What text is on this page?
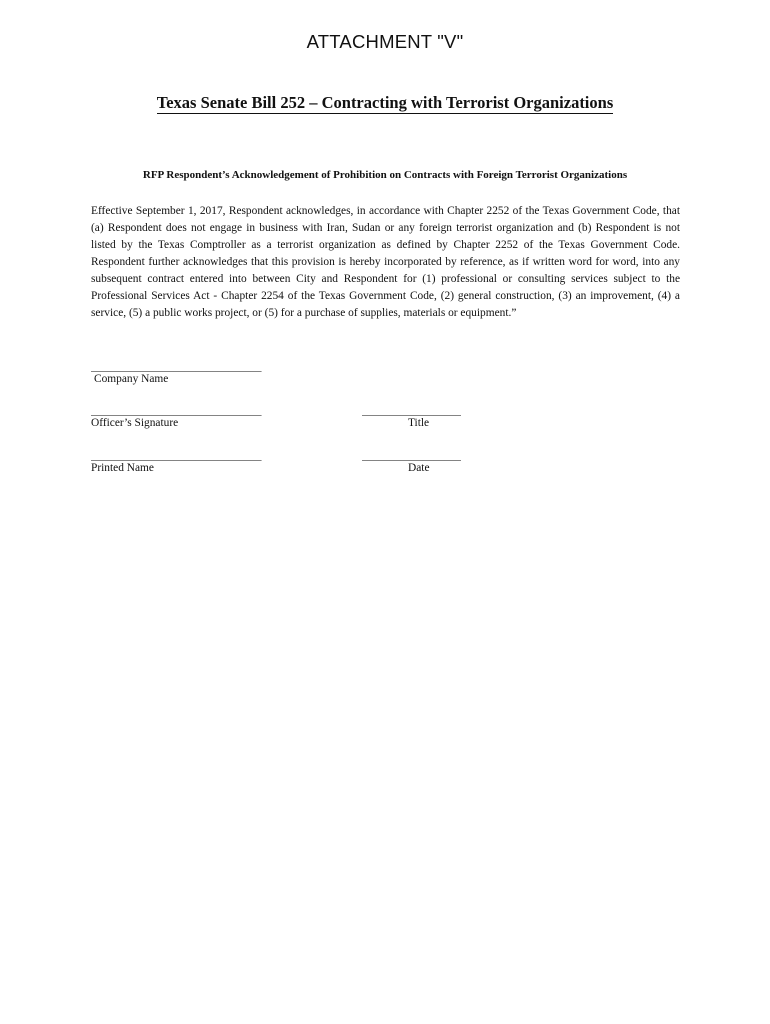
ATTACHMENT "V"
Texas Senate Bill 252 – Contracting with Terrorist Organizations
RFP Respondent’s Acknowledgement of Prohibition on Contracts with Foreign Terrorist Organizations

Effective September 1, 2017, Respondent acknowledges, in accordance with Chapter 2252 of the Texas Government Code, that (a) Respondent does not engage in business with Iran, Sudan or any foreign terrorist organization and (b) Respondent is not listed by the Texas Comptroller as a terrorist organization as defined by Chapter 2252 of the Texas Government Code. Respondent further acknowledges that this provision is hereby incorporated by reference, as if written word for word, into any subsequent contract entered into between City and Respondent for (1) professional or consulting services subject to the Professional Services Act - Chapter 2254 of the Texas Government Code, (2) general construction, (3) an improvement, (4) a service, (5) a public works project, or (5) for a purchase of supplies, materials or equipment.”

_______________________________
Company Name
_______________________________
Officer’s Signature
__________________
Title
_______________________________
Printed Name
__________________
Date
